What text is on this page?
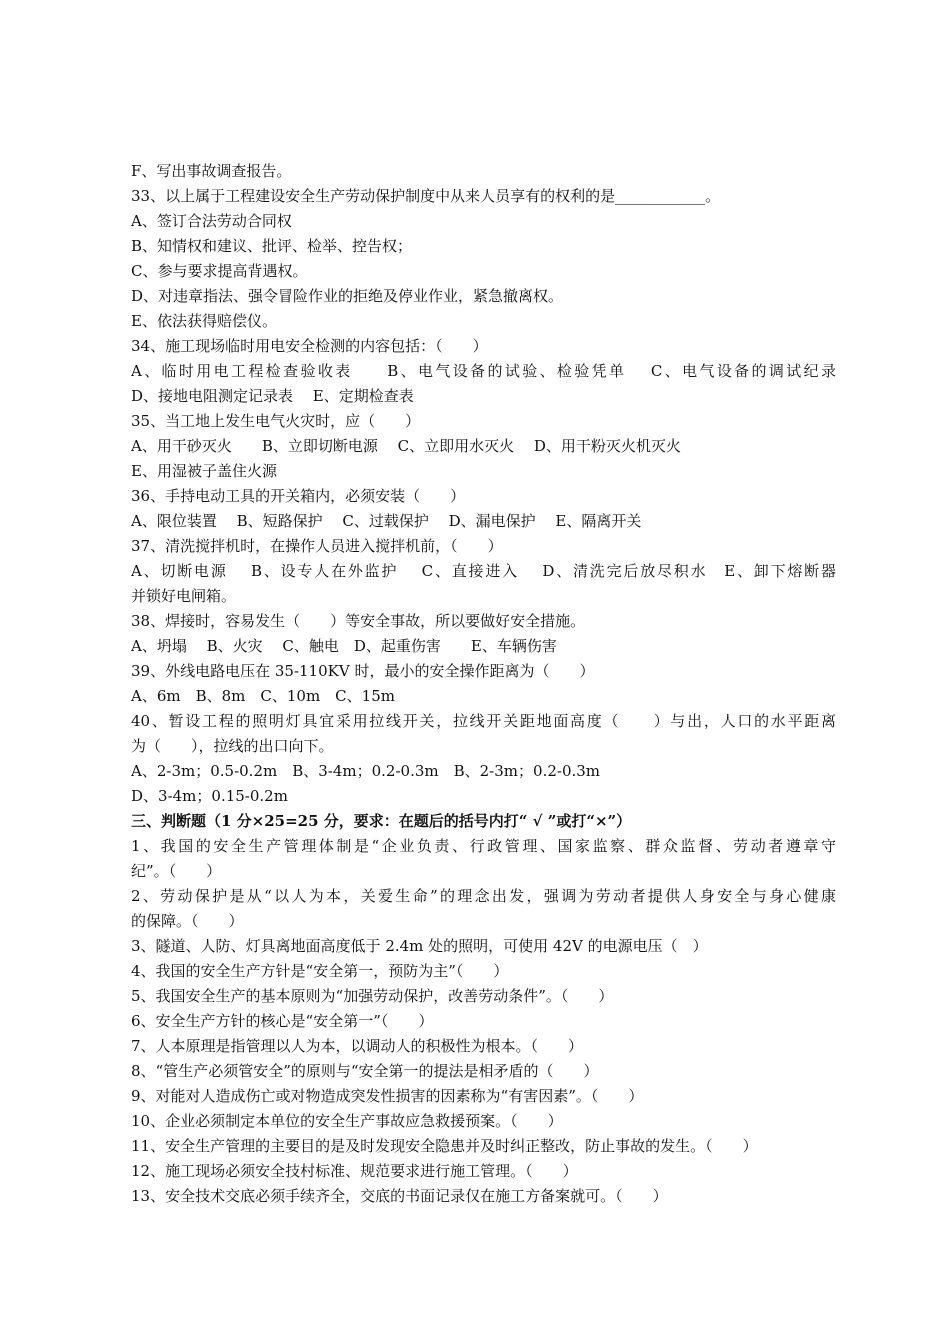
F、写出事故调查报告。
33、以上属于工程建设安全生产劳动保护制度中从来人员享有的权利的是____________。
A、签订合法劳动合同权
B、知情权和建议、批评、检举、控告权；
C、参与要求提高背遇权。
D、对违章指法、强令冒险作业的拒绝及停业作业，紧急撤离权。
E、依法获得赔偿仪。
34、施工现场临时用电安全检测的内容包括：（　　）
A、临时用电工程检查验收表　　B、电气设备的试验、检验凭单　 C、电气设备的调试纪录
D、接地电阻测定记录表　 E、定期检查表
35、当工地上发生电气火灾时，应（　　）
A、用干砂灭火　　B、立即切断电源　 C、立即用水灭火　 D、用干粉灭火机灭火
E、用湿被子盖住火源
36、手持电动工具的开关箱内，必须安装（　　）
A、限位装置　 B、短路保护　 C、过载保护　 D、漏电保护　 E、隔离开关
37、清洗搅拌机时，在操作人员进入搅拌机前，（　　）
A、切断电源　 B、设专人在外监护　 C、直接进入　 D、清洗完后放尽积水　E、卸下熔断器
并锁好电闸箱。
38、焊接时，容易发生（　　）等安全事故，所以要做好安全措施。
A、坍塌　 B、火灾　 C、触电　D、起重伤害　　E、车辆伤害
39、外线电路电压在 35-110KV 时，最小的安全操作距离为（　　）
A、6m　B、8m　C、10m　C、15m
40、暂设工程的照明灯具宜采用拉线开关，拉线开关距地面高度（　　）与出，人口的水平距离
为（　　），拉线的出口向下。
A、2-3m；0.5-0.2m　B、3-4m；0.2-0.3m　B、2-3m；0.2-0.3m
D、3-4m；0.15-0.2m
三、判断题（1 分×25=25 分，要求：在题后的括号内打“ √ ”或打“×”）
1、我国的安全生产管理体制是“企业负责、行政管理、国家监察、群众监督、劳动者遵章守
纪”。（　　）
2、劳动保护是从“以人为本，关爱生命”的理念出发，强调为劳动者提供人身安全与身心健康
的保障。（　　）
3、隧道、人防、灯具离地面高度低于 2.4m 处的照明，可使用 42V 的电源电压（　）
4、我国的安全生产方针是“安全第一，预防为主”（　　）
5、我国安全生产的基本原则为“加强劳动保护，改善劳动条件”。（　　）
6、安全生产方针的核心是“安全第一”（　　）
7、人本原理是指管理以人为本，以调动人的积极性为根本。（　　）
8、“管生产必须管安全”的原则与“安全第一的提法是相矛盾的（　　）
9、对能对人造成伤亡或对物造成突发性损害的因素称为“有害因素”。（　　）
10、企业必须制定本单位的安全生产事故应急救援预案。（　　）
11、安全生产管理的主要目的是及时发现安全隐患并及时纠正整改，防止事故的发生。（　　）
12、施工现场必须安全技村标准、规范要求进行施工管理。（　　）
13、安全技术交底必须手续齐全，交底的书面记录仅在施工方备案就可。（　　）
